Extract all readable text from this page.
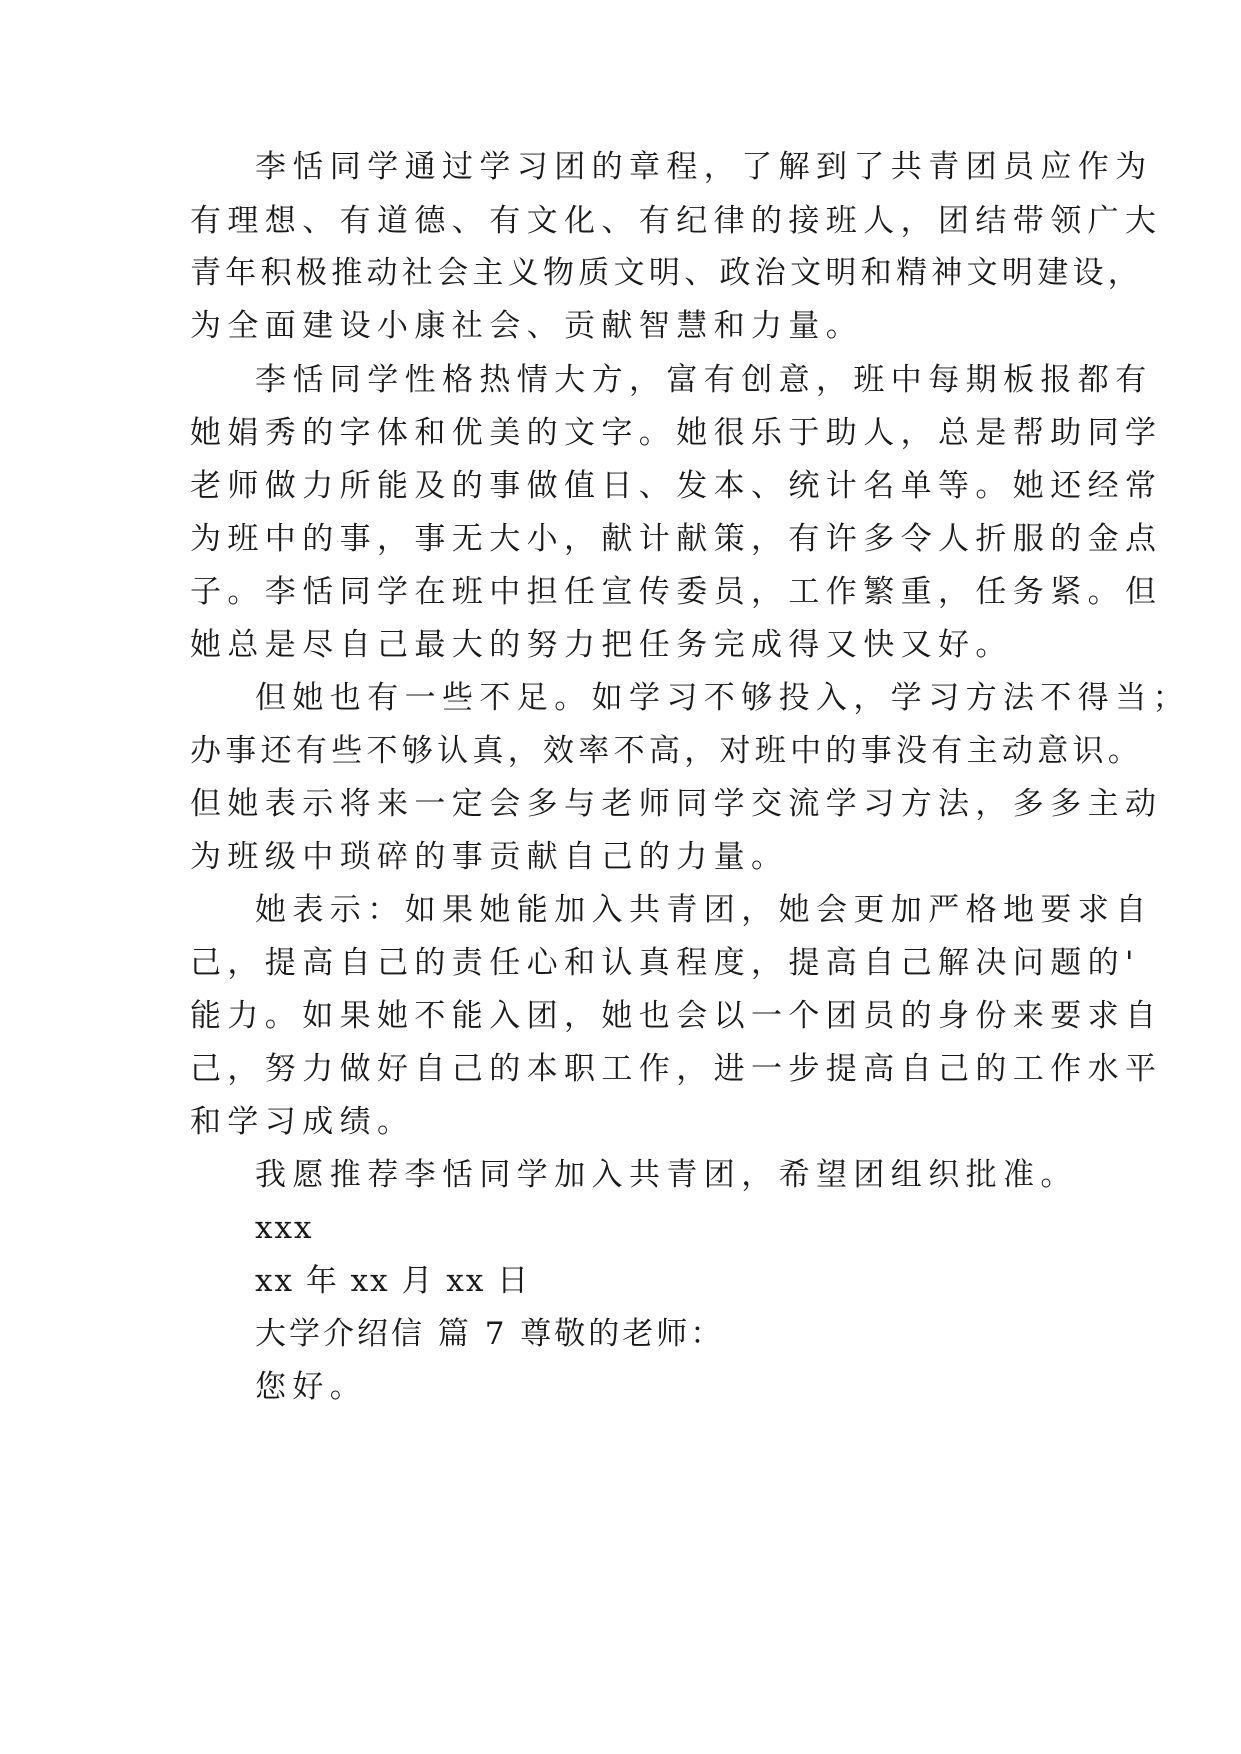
李恬同学通过学习团的章程，了解到了共青团员应作为
有理想、有道德、有文化、有纪律的接班人，团结带领广大
青年积极推动社会主义物质文明、政治文明和精神文明建设，
为全面建设小康社会、贡献智慧和力量。
李恬同学性格热情大方，富有创意，班中每期板报都有
她娟秀的字体和优美的文字。她很乐于助人，总是帮助同学
老师做力所能及的事做值日、发本、统计名单等。她还经常
为班中的事，事无大小，献计献策，有许多令人折服的金点
子。李恬同学在班中担任宣传委员，工作繁重，任务紧。但
她总是尽自己最大的努力把任务完成得又快又好。
但她也有一些不足。如学习不够投入，学习方法不得当；
办事还有些不够认真，效率不高，对班中的事没有主动意识。
但她表示将来一定会多与老师同学交流学习方法，多多主动
为班级中琐碎的事贡献自己的力量。
她表示：如果她能加入共青团，她会更加严格地要求自
己，提高自己的责任心和认真程度，提高自己解决问题的'
能力。如果她不能入团，她也会以一个团员的身份来要求自
己，努力做好自己的本职工作，进一步提高自己的工作水平
和学习成绩。
我愿推荐李恬同学加入共青团，希望团组织批准。
xxx
xx 年 xx 月 xx 日
大学介绍信 篇 7 尊敬的老师：
您好。
